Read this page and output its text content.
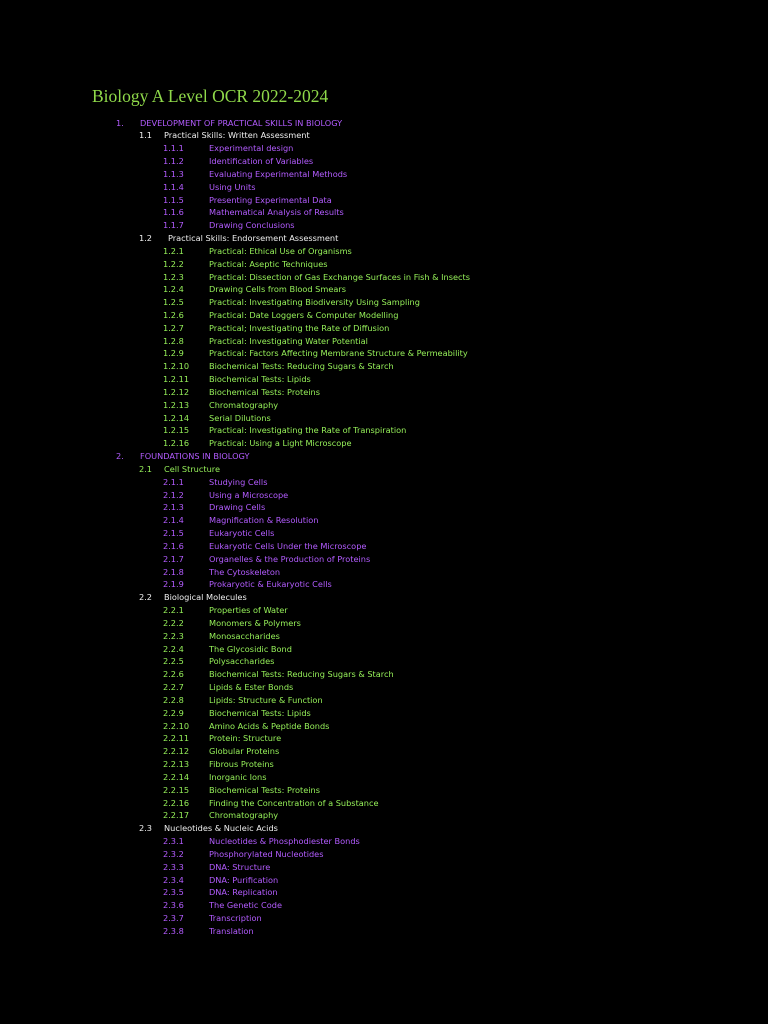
Biology A Level OCR 2022-2024
1. DEVELOPMENT OF PRACTICAL SKILLS IN BIOLOGY
1.1 Practical Skills: Written Assessment
1.1.1	Experimental design
1.1.2	Identification of Variables
1.1.3	Evaluating Experimental Methods
1.1.4	Using Units
1.1.5	Presenting Experimental Data
1.1.6	Mathematical Analysis of Results
1.1.7	Drawing Conclusions
1.2 Practical Skills: Endorsement Assessment
1.2.1	Practical: Ethical Use of Organisms
1.2.2	Practical: Aseptic Techniques
1.2.3	Practical: Dissection of Gas Exchange Surfaces in Fish & Insects
1.2.4	Drawing Cells from Blood Smears
1.2.5	Practical: Investigating Biodiversity Using Sampling
1.2.6	Practical: Date Loggers & Computer Modelling
1.2.7	Practical; Investigating the Rate of Diffusion
1.2.8	Practical: Investigating Water Potential
1.2.9	Practical: Factors Affecting Membrane Structure & Permeability
1.2.10 Biochemical Tests: Reducing Sugars & Starch
1.2.11 Biochemical Tests: Lipids
1.2.12 Biochemical Tests: Proteins
1.2.13 Chromatography
1.2.14 Serial Dilutions
1.2.15 Practical: Investigating the Rate of Transpiration
1.2.16 Practical: Using a Light Microscope
2. FOUNDATIONS IN BIOLOGY
2.1 Cell Structure
2.1.1	Studying Cells
2.1.2	Using a Microscope
2.1.3	Drawing Cells
2.1.4	Magnification & Resolution
2.1.5	Eukaryotic Cells
2.1.6	Eukaryotic Cells Under the Microscope
2.1.7	Organelles & the Production of Proteins
2.1.8	The Cytoskeleton
2.1.9	Prokaryotic & Eukaryotic Cells
2.2 Biological Molecules
2.2.1	Properties of Water
2.2.2	Monomers & Polymers
2.2.3	Monosaccharides
2.2.4	The Glycosidic Bond
2.2.5	Polysaccharides
2.2.6	Biochemical Tests: Reducing Sugars & Starch
2.2.7	Lipids & Ester Bonds
2.2.8	Lipids: Structure & Function
2.2.9	Biochemical Tests: Lipids
2.2.10 Amino Acids & Peptide Bonds
2.2.11 Protein: Structure
2.2.12 Globular Proteins
2.2.13 Fibrous Proteins
2.2.14 Inorganic Ions
2.2.15 Biochemical Tests: Proteins
2.2.16 Finding the Concentration of a Substance
2.2.17 Chromatography
2.3 Nucleotides & Nucleic Acids
2.3.1	Nucleotides & Phosphodiester Bonds
2.3.2	Phosphorylated Nucleotides
2.3.3	DNA: Structure
2.3.4	DNA: Purification
2.3.5	DNA: Replication
2.3.6	The Genetic Code
2.3.7	Transcription
2.3.8	Translation
